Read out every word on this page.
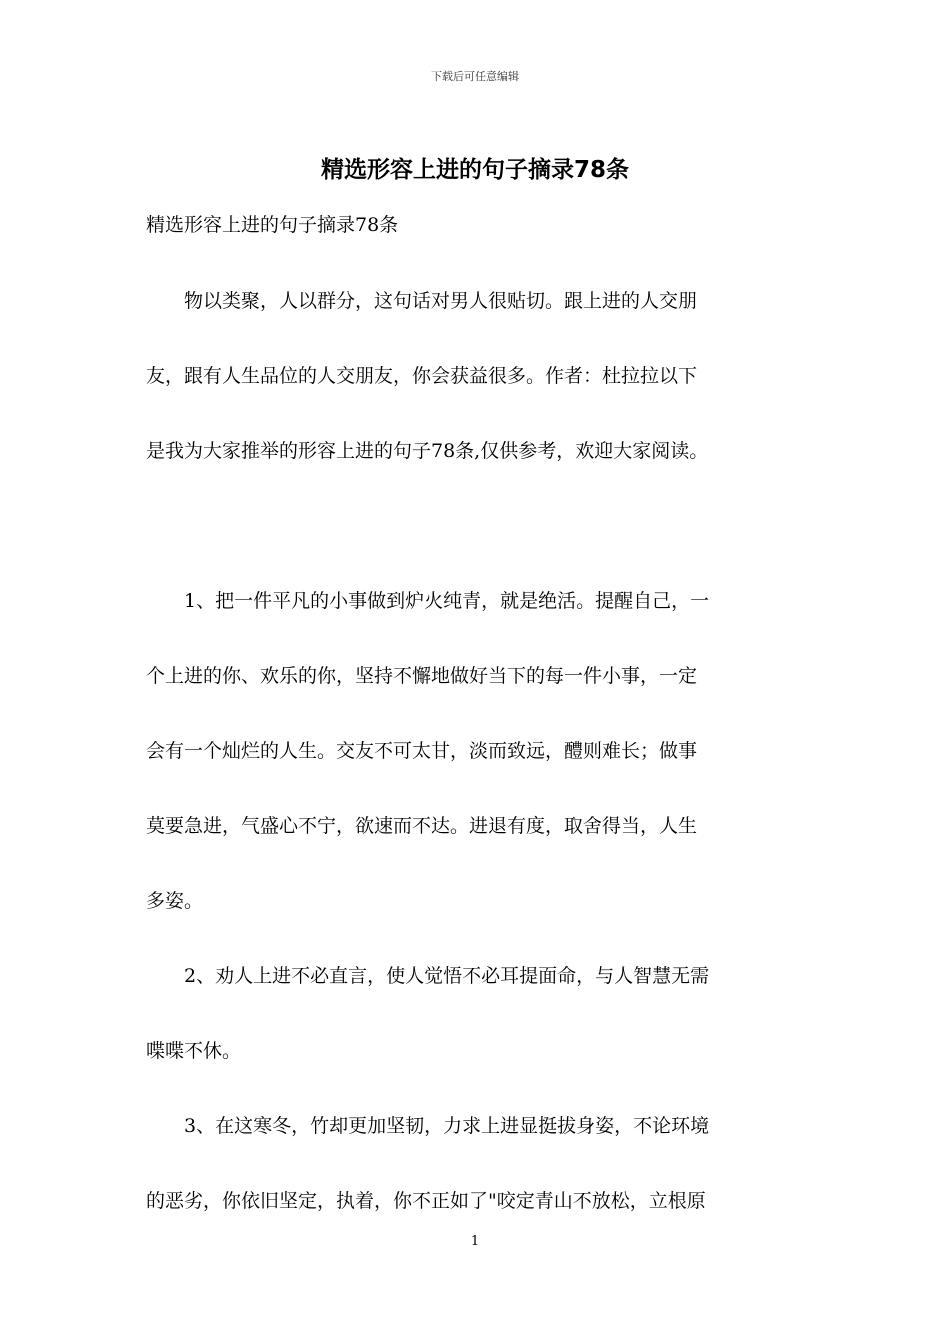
下载后可任意编辑
精选形容上进的句子摘录78条

精选形容上进的句子摘录78条

物以类聚，人以群分，这句话对男人很贴切。跟上进的人交朋
友，跟有人生品位的人交朋友，你会获益很多。作者：杜拉拉以下
是我为大家推举的形容上进的句子78条,仅供参考，欢迎大家阅读。
1、把一件平凡的小事做到炉火纯青，就是绝活。提醒自己，一
个上进的你、欢乐的你，坚持不懈地做好当下的每一件小事，一定
会有一个灿烂的人生。交友不可太甘，淡而致远，醴则难长；做事
莫要急进，气盛心不宁，欲速而不达。进退有度，取舍得当，人生
多姿。
2、劝人上进不必直言，使人觉悟不必耳提面命，与人智慧无需
喋喋不休。
3、在这寒冬，竹却更加坚韧，力求上进显挺拔身姿，不论环境
的恶劣，你依旧坚定，执着，你不正如了"咬定青山不放松，立根原
1
